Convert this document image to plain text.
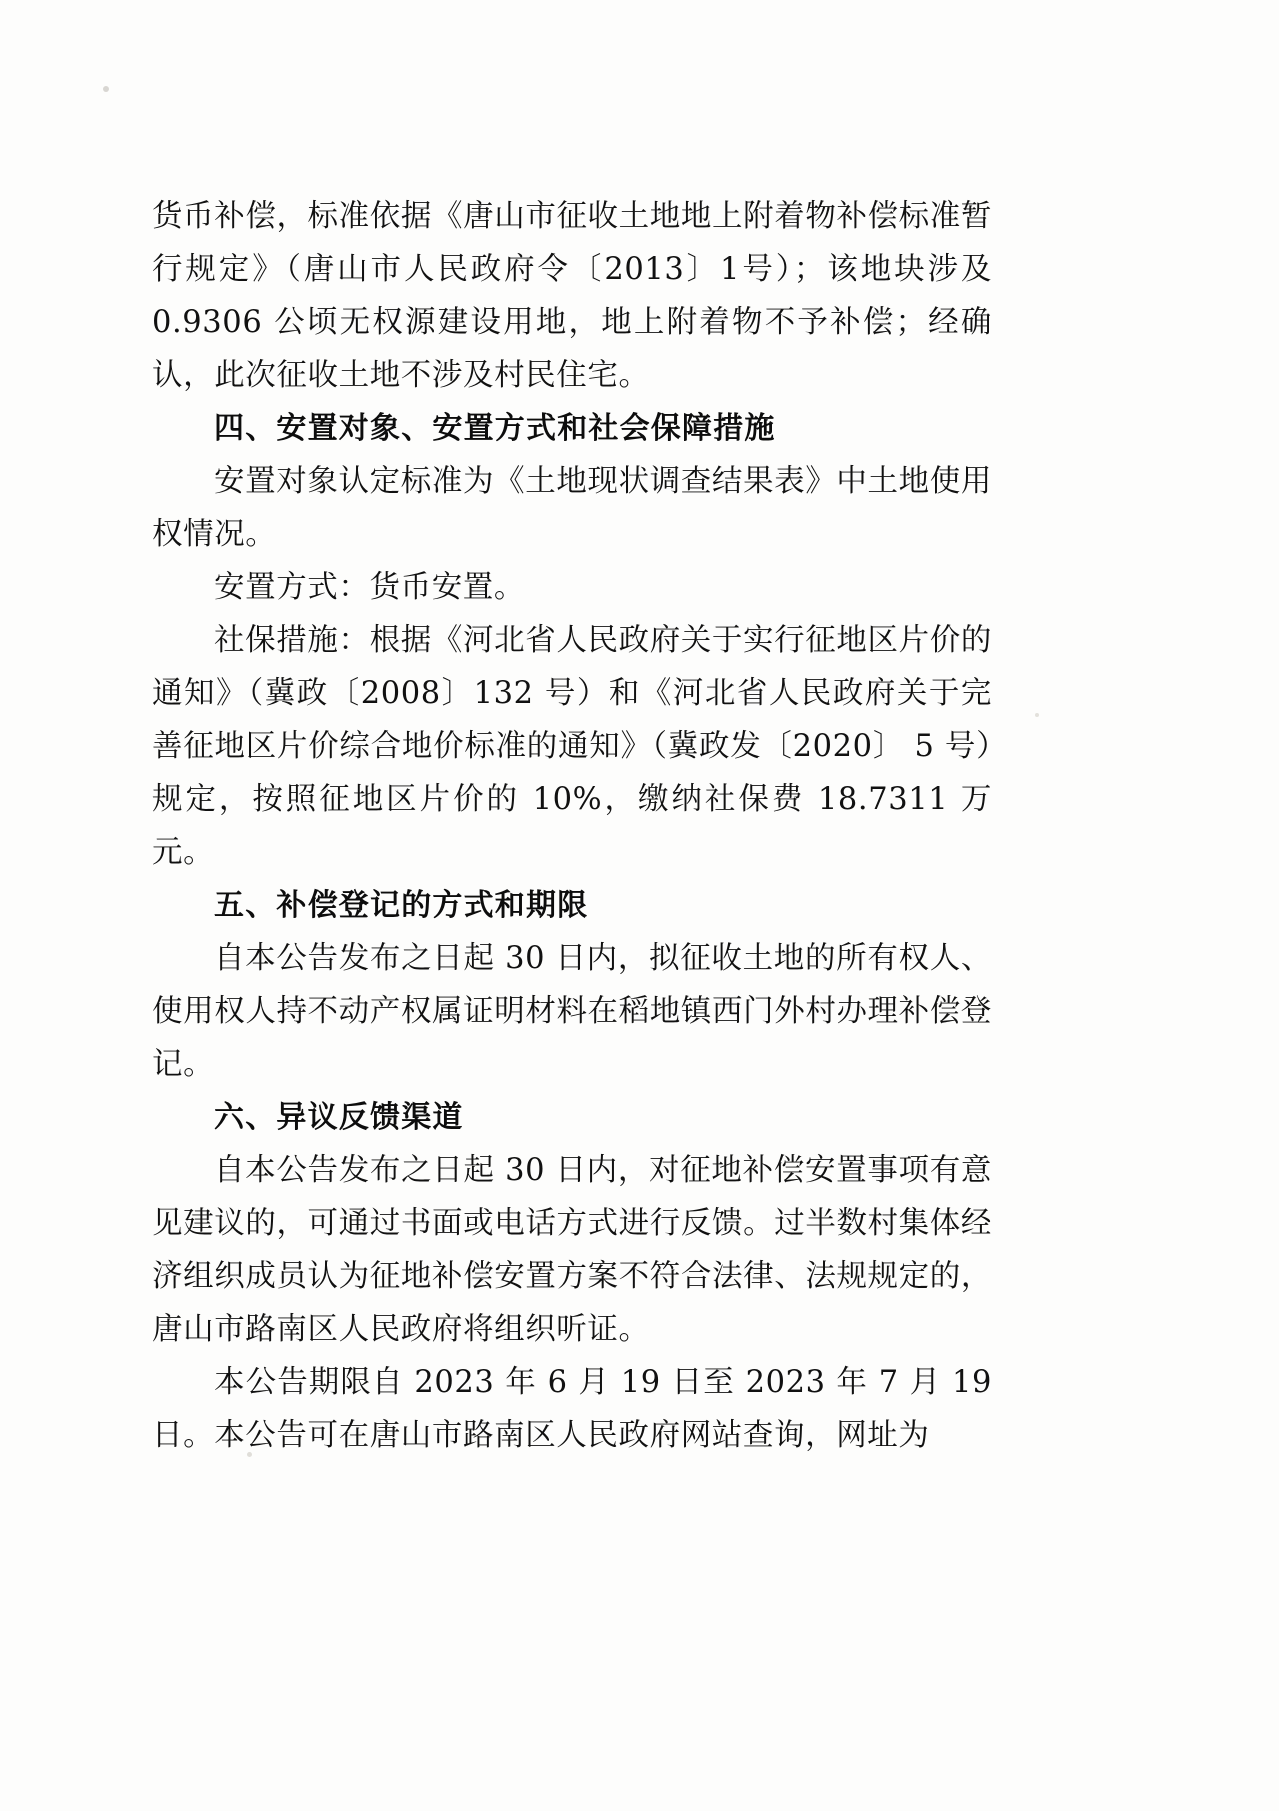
货币补偿，标准依据《唐山市征收土地地上附着物补偿标准暂行规定》（唐山市人民政府令〔2013〕1号）；该地块涉及 0.9306 公顷无权源建设用地，地上附着物不予补偿；经确认，此次征收土地不涉及村民住宅。

四、安置对象、安置方式和社会保障措施

安置对象认定标准为《土地现状调查结果表》中土地使用权情况。

安置方式：货币安置。

社保措施：根据《河北省人民政府关于实行征地区片价的通知》（冀政〔2008〕132 号）和《河北省人民政府关于完善征地区片价综合地价标准的通知》（冀政发〔2020〕 5 号）规定，按照征地区片价的 10%，缴纳社保费 18.7311 万元。

五、补偿登记的方式和期限

自本公告发布之日起 30 日内，拟征收土地的所有权人、使用权人持不动产权属证明材料在稻地镇西门外村办理补偿登记。

六、异议反馈渠道

自本公告发布之日起 30 日内，对征地补偿安置事项有意见建议的，可通过书面或电话方式进行反馈。过半数村集体经济组织成员认为征地补偿安置方案不符合法律、法规规定的，唐山市路南区人民政府将组织听证。

本公告期限自 2023 年 6 月 19 日至 2023 年 7 月 19 日。本公告可在唐山市路南区人民政府网站查询，网址为
